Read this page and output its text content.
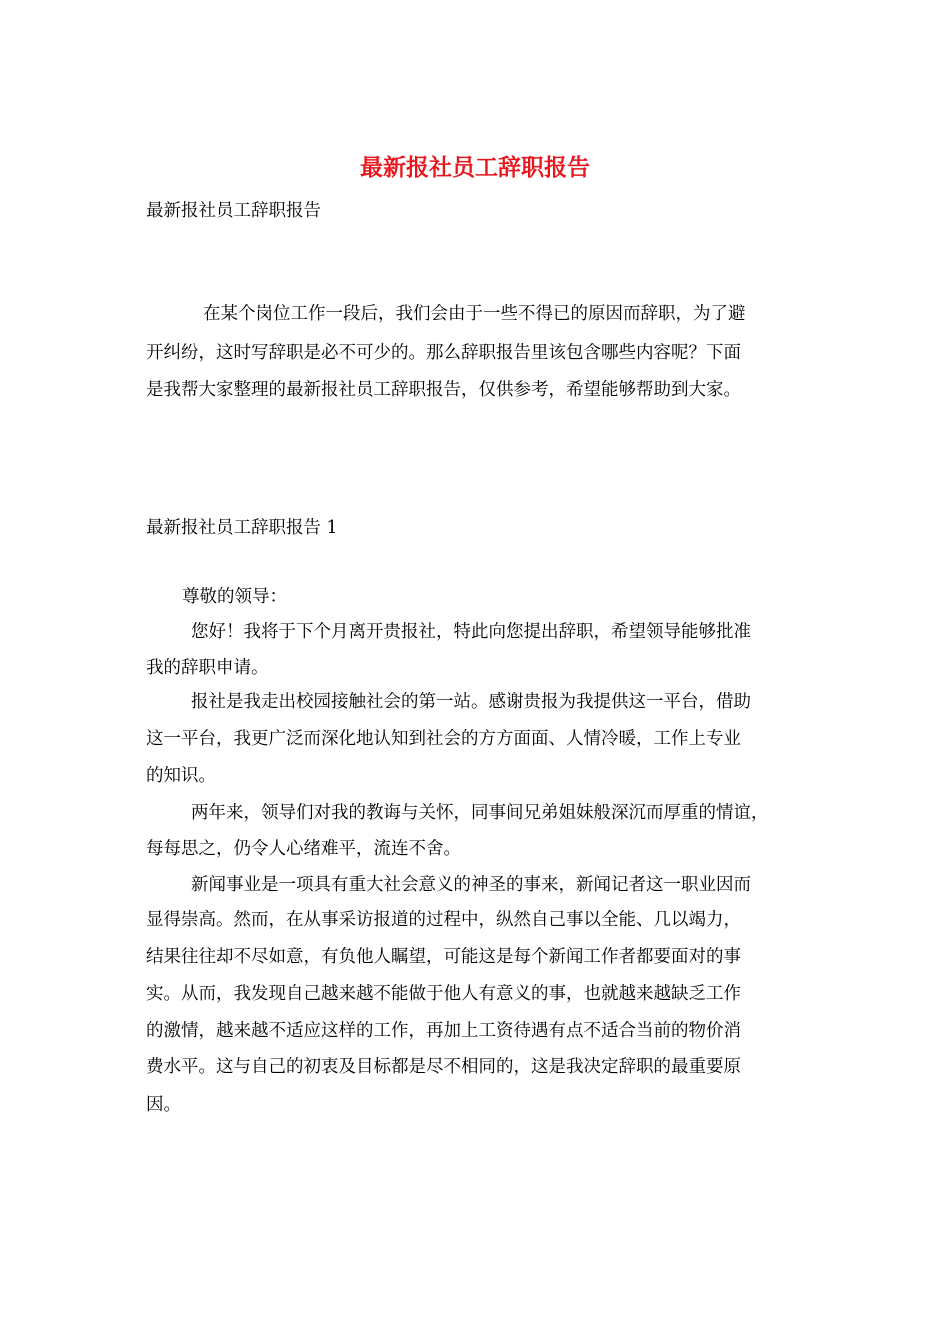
最新报社员工辞职报告

最新报社员工辞职报告

在某个岗位工作一段后，我们会由于一些不得已的原因而辞职，为了避

开纠纷，这时写辞职是必不可少的。那么辞职报告里该包含哪些内容呢？下面

是我帮大家整理的最新报社员工辞职报告，仅供参考，希望能够帮助到大家。

最新报社员工辞职报告 1

尊敬的领导：

您好！我将于下个月离开贵报社，特此向您提出辞职，希望领导能够批准

我的辞职申请。

报社是我走出校园接触社会的第一站。感谢贵报为我提供这一平台，借助

这一平台，我更广泛而深化地认知到社会的方方面面、人情冷暖，工作上专业

的知识。

两年来，领导们对我的教诲与关怀，同事间兄弟姐妹般深沉而厚重的情谊，

每每思之，仍令人心绪难平，流连不舍。

新闻事业是一项具有重大社会意义的神圣的事来，新闻记者这一职业因而

显得崇高。然而，在从事采访报道的过程中，纵然自己事以全能、几以竭力，

结果往往却不尽如意，有负他人瞩望，可能这是每个新闻工作者都要面对的事

实。从而，我发现自己越来越不能做于他人有意义的事，也就越来越缺乏工作

的激情，越来越不适应这样的工作，再加上工资待遇有点不适合当前的物价消

费水平。这与自己的初衷及目标都是尽不相同的，这是我决定辞职的最重要原

因。
